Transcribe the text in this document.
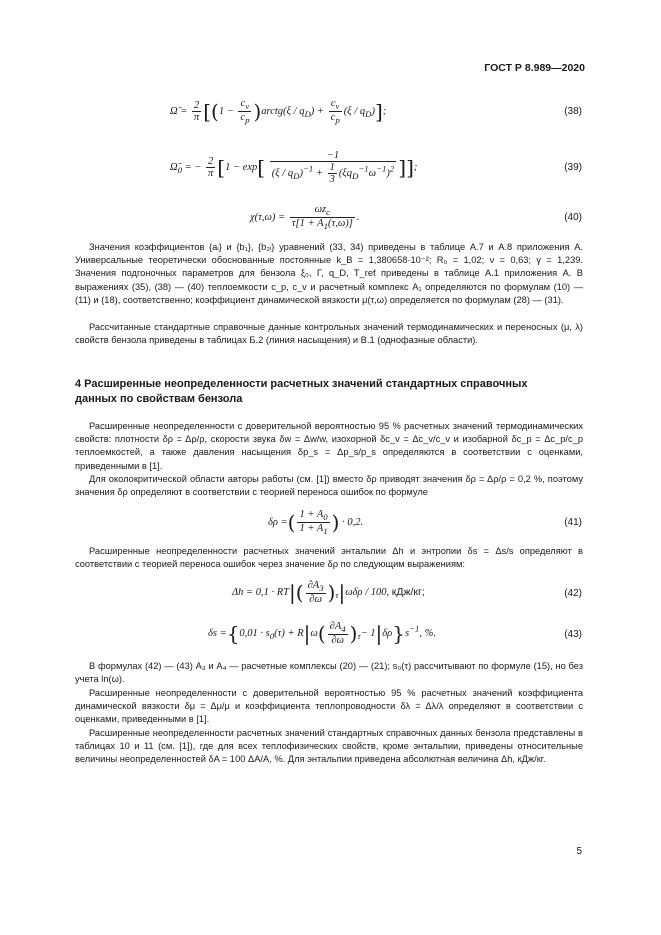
ГОСТ Р 8.989—2020
Ω̃ = $\frac{2}{\pi} [(1 - \frac{c_v}{c_p}$ )arctg(ξ / $q_D) + \frac{c_v}{c_p} (\xi / q_D)$];	(38)
$\Omegã_0$ = − $\frac{2}{\pi} [1 - \exp[ \frac{-1}{(\xi / q_D)^{-1} + \frac{1}{3} (\xi q_D^{-1}\omega^{-1})^2}$ ]];	(39)
$\chi(\tau,\omega) = \frac{\omega z_c}{\tau[1 + A_1(\tau,\omega)]}$ .	(40)
Значения коэффициентов {aᵢ} и {b₁}, {b₂ᵢ} уравнений (33, 34) приведены в таблице А.7 и А.8 приложения А. Универсальные теоретически обоснованные постоянные k_B = 1,380658·10⁻²; R₀ = 1,02; ν = 0,63; γ = 1,239. Значения подгоночных параметров для бензола ξ₀, Γ, q_D, T_ref приведены в таблице А.1 приложения А. В выражениях (35), (38) — (40) теплоемкости c_p, c_v и расчетный комплекс A₁ определяются по формулам (10) — (11) и (18), соответственно; коэффициент динамической вязкости μ(τ,ω) определяется по формулам (28) — (31).
Рассчитанные стандартные справочные данные контрольных значений термодинамических и переносных (μ, λ) свойств бензола приведены в таблицах Б.2 (линия насыщения) и В.1 (однофазные области).
4 Расширенные неопределенности расчетных значений стандартных справочных данных по свойствам бензола
Расширенные неопределенности с доверительной вероятностью 95 % расчетных значений термодинамических свойств: плотности δρ = Δρ/ρ, скорости звука δw = Δw/w, изохорной δc_v = Δc_v/c_v и изобарной δc_p = Δc_p/c_p теплоемкостей, а также давления насыщения δp_s = Δp_s/p_s определяются в соответствии с оценками, приведенными в [1].
Для околокритической области авторы работы (см. [1]) вместо δρ приводят значения δρ = Δρ/ρ = 0,2 %, поэтому значения δρ определяют в соответствии с теорией переноса ошибок по формуле
δρ =( $\frac{1 + A_0}{1 + A_1}$ ) · 0,2.	(41)
Расширенные неопределенности расчетных значений энтальпии Δh и энтропии δs = Δs/s определяют в соответствии с теорией переноса ошибок через значение δρ по следующим выражениям:
$\Delta h = 0,1 \cdot RT|( \frac{\partial A_3}{\partial\omega} )_\tau|\omega\delta\rho / 100$, кДж/кг;	(42)
$\delta s =\{0,01 \cdot s_0(\tau) + R|\omega( \frac{\partial A_4}{\partial\omega} )_\tau- 1|\delta\rho\}s^{-1}$, %.	(43)
В формулах (42) — (43) A₃ и A₄ — расчетные комплексы (20) — (21); s₀(τ) рассчитывают по формуле (15), но без учета ln(ω).
Расширенные неопределенности с доверительной вероятностью 95 % расчетных значений коэффициента динамической вязкости δμ = Δμ/μ и коэффициента теплопроводности δλ = Δλ/λ определяют в соответствии с оценками, приведенными в [1].
Расширенные неопределенности расчетных значений стандартных справочных данных бензола представлены в таблицах 10 и 11 (см. [1]), где для всех теплофизических свойств, кроме энтальпии, приведены относительные величины неопределенностей δA = 100 ΔA/A, %. Для энтальпии приведена абсолютная величина Δh, кДж/кг.
5
